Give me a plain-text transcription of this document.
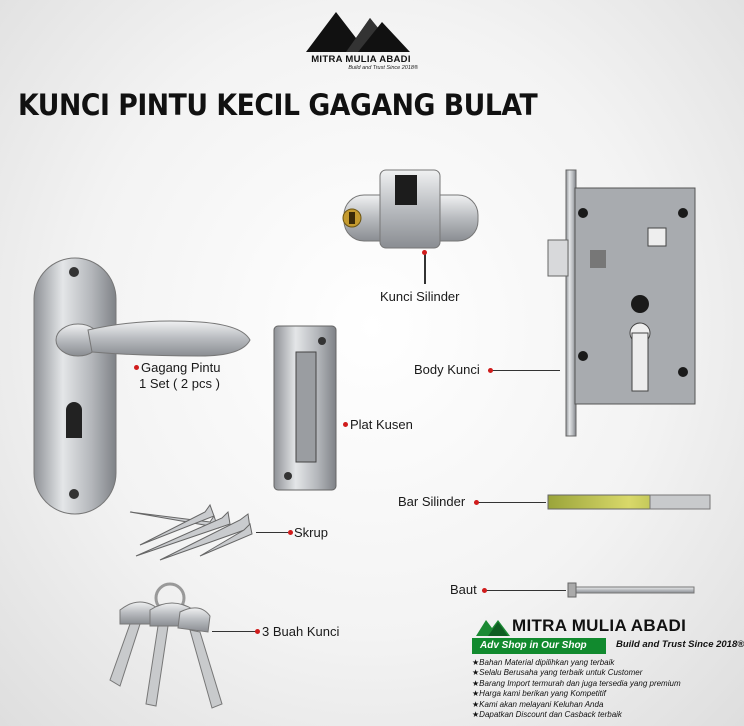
MITRA MULIA ABADI
Build and Trust Since 2018®
KUNCI PINTU KECIL GAGANG BULAT
Kunci Silinder
Body Kunci
Gagang Pintu
1 Set ( 2 pcs )
Plat Kusen
Bar Silinder
Skrup
Baut
3 Buah Kunci	MITRA MULIA ABADI
Adv Shop in Our Shop	Build and Trust Since 2018®
★ Bahan Material dipilihkan yang terbaik
★ Selalu Berusaha yang terbaik untuk Customer
★ Barang Import termurah dan juga tersedia yang premium
★ Harga kami berikan yang Kompetitif
★ Kami akan melayani Keluhan Anda
★ Dapatkan Discount dan Casback terbaik
